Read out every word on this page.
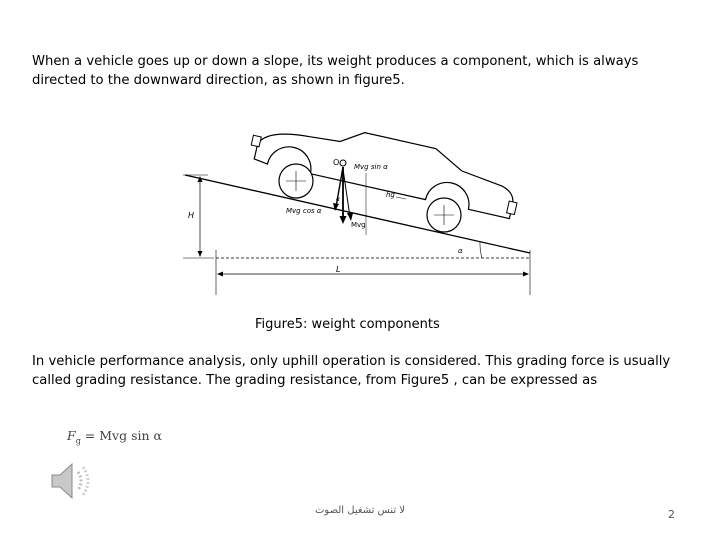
When a vehicle goes up or down a slope, its weight produces a component, which is always directed to the downward direction, as shown in figure5.

H
L
α
O
Mvg
Mvg sin α
Mvg cos α
hg
α
Figure5: weight components

In vehicle performance analysis, only uphill operation is considered. This grading force is usually called grading resistance. The grading resistance, from Figure5 , can be expressed as

$F_g$ = Mvg sin α
لا تنس تشغيل الصوت	2
